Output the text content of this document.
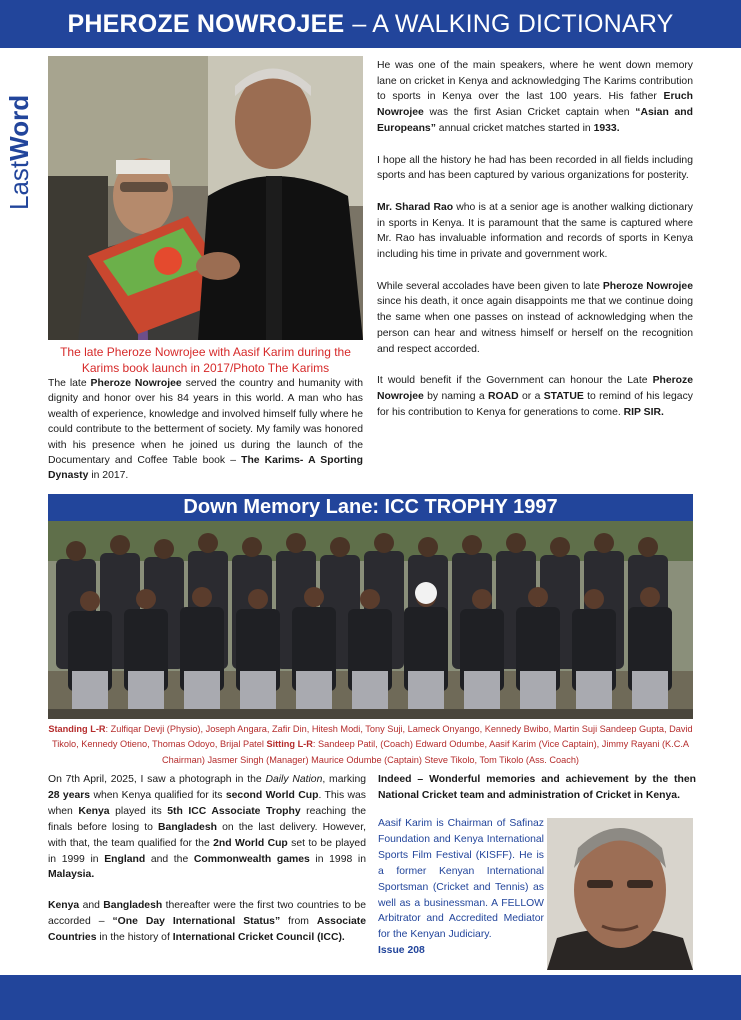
PHEROZE NOWROJEE – A WALKING DICTIONARY
LastWord
The late Pheroze Nowrojee with Aasif Karim during the Karims book launch in 2017/Photo The Karims
The late Pheroze Nowrojee served the country and humanity with dignity and honor over his 84 years in this world. A man who has wealth of experience, knowledge and involved himself fully where he could contribute to the betterment of society. My family was honored with his presence when he joined us during the launch of the Documentary and Coffee Table book – The Karims- A Sporting Dynasty in 2017.

He was one of the main speakers, where he went down memory lane on cricket in Kenya and acknowledging The Karims contribution to sports in Kenya over the last 100 years. His father Eruch Nowrojee was the first Asian Cricket captain when “Asian and Europeans” annual cricket matches started in 1933.

I hope all the history he had has been recorded in all fields including sports and has been captured by various organizations for posterity.

Mr. Sharad Rao who is at a senior age is another walking dictionary in sports in Kenya. It is paramount that the same is captured where Mr. Rao has invaluable information and records of sports in Kenya including his time in private and government work.

While several accolades have been given to late Pheroze Nowrojee since his death, it once again disappoints me that we continue doing the same when one passes on instead of acknowledging when the person can hear and witness himself or herself on the recognition and respect accorded.

It would benefit if the Government can honour the Late Pheroze Nowrojee by naming a ROAD or a STATUE to remind of his legacy for his contribution to Kenya for generations to come. RIP SIR.

Down Memory Lane: ICC TROPHY 1997
Standing L-R: Zulfiqar Devji (Physio), Joseph Angara, Zafir Din, Hitesh Modi, Tony Suji, Lameck Onyango, Kennedy Bwibo, Martin Suji Sandeep Gupta, David Tikolo, Kennedy Otieno, Thomas Odoyo, Brijal Patel Sitting L-R: Sandeep Patil, (Coach) Edward Odumbe, Aasif Karim (Vice Captain), Jimmy Rayani (K.C.A Chairman) Jasmer Singh (Manager) Maurice Odumbe (Captain) Steve Tikolo, Tom Tikolo (Ass. Coach)

On 7th April, 2025, I saw a photograph in the Daily Nation, marking 28 years when Kenya qualified for its second World Cup. This was when Kenya played its 5th ICC Associate Trophy reaching the finals before losing to Bangladesh on the last delivery. However, with that, the team qualified for the 2nd World Cup set to be played in 1999 in England and the Commonwealth games in 1998 in Malaysia.

Kenya and Bangladesh thereafter were the first two countries to be accorded – “One Day International Status” from Associate Countries in the history of International Cricket Council (ICC).

Indeed – Wonderful memories and achievement by the then National Cricket team and administration of Cricket in Kenya.
Aasif Karim is Chairman of Safinaz Foundation and Kenya International Sports Film Festival (KISFF). He is a former Kenyan International Sportsman (Cricket and Tennis) as well as a businessman. A FELLOW Arbitrator and Accredited Mediator for the Kenyan Judiciary.
Issue 208
